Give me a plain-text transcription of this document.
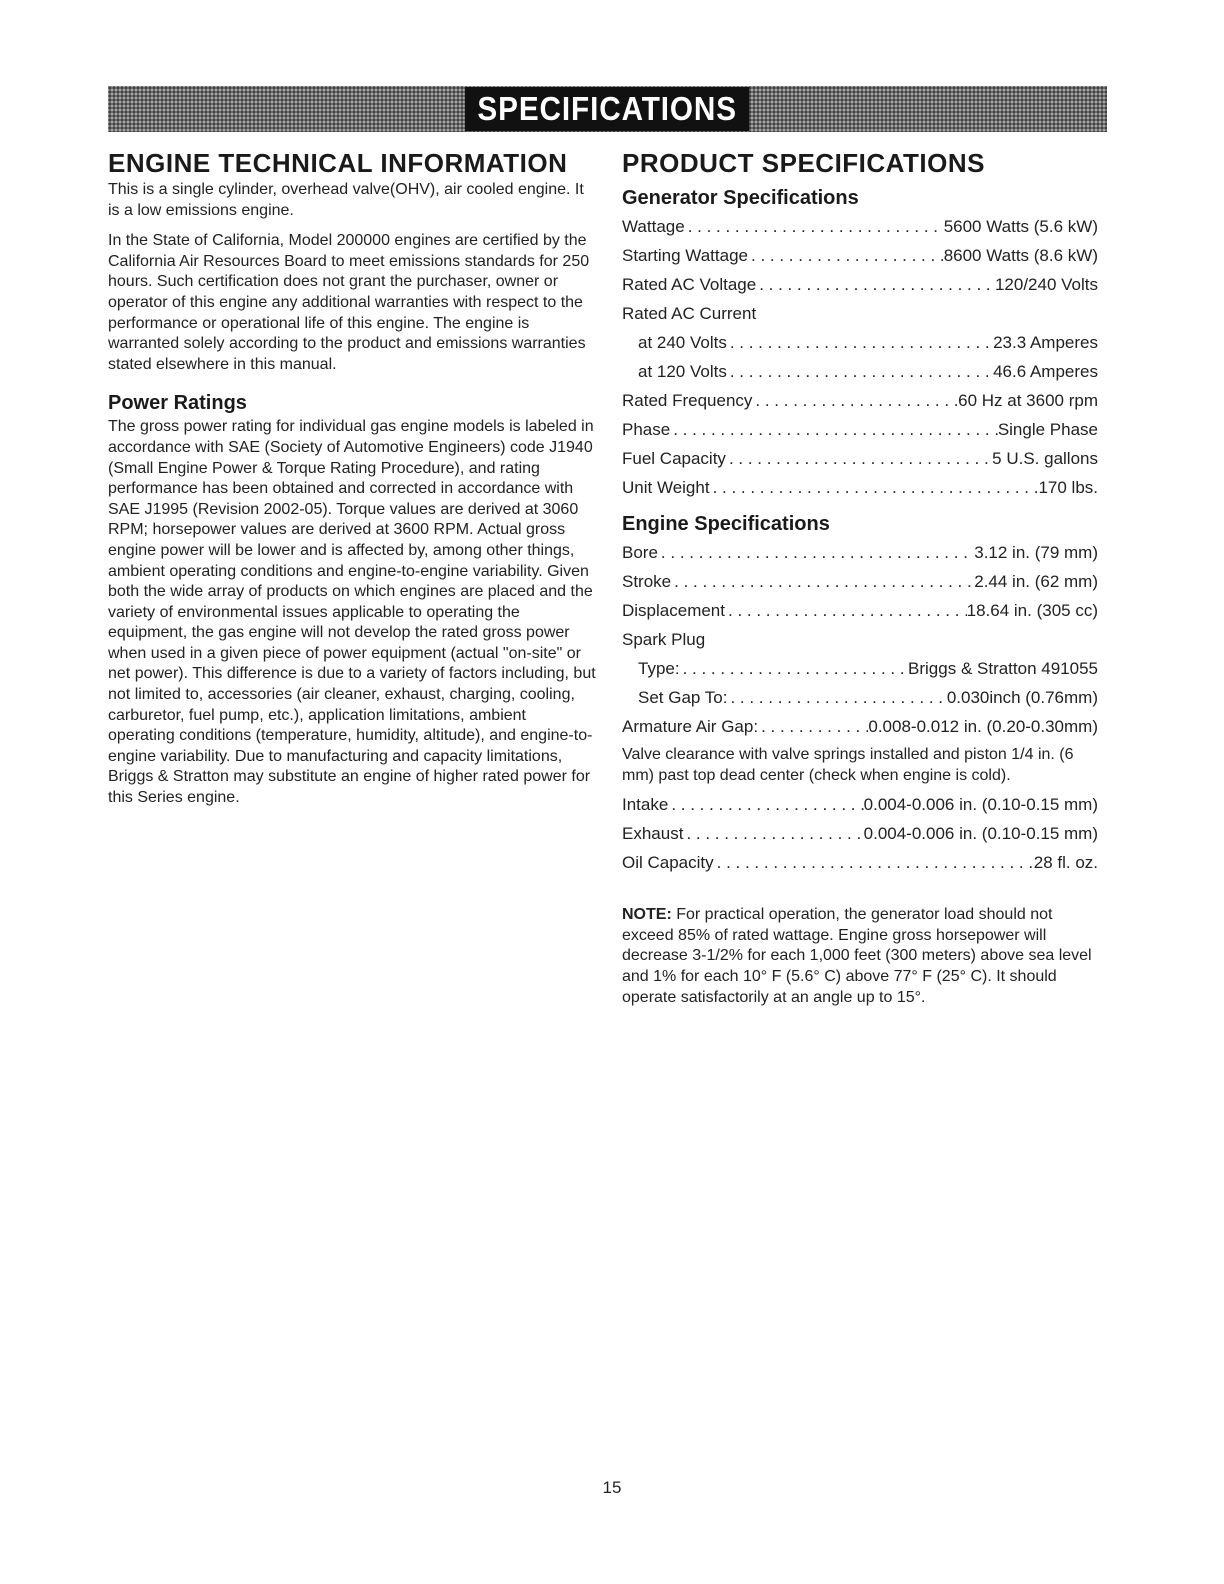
SPECIFICATIONS
ENGINE TECHNICAL INFORMATION

This is a single cylinder, overhead valve(OHV), air cooled engine. It is a low emissions engine.

In the State of California, Model 200000 engines are certified by the California Air Resources Board to meet emissions standards for 250 hours. Such certification does not grant the purchaser, owner or operator of this engine any additional warranties with respect to the performance or operational life of this engine. The engine is warranted solely according to the product and emissions warranties stated elsewhere in this manual.

Power Ratings

The gross power rating for individual gas engine models is labeled in accordance with SAE (Society of Automotive Engineers) code J1940 (Small Engine Power & Torque Rating Procedure), and rating performance has been obtained and corrected in accordance with SAE J1995 (Revision 2002-05). Torque values are derived at 3060 RPM; horsepower values are derived at 3600 RPM. Actual gross engine power will be lower and is affected by, among other things, ambient operating conditions and engine-to-engine variability. Given both the wide array of products on which engines are placed and the variety of environmental issues applicable to operating the equipment, the gas engine will not develop the rated gross power when used in a given piece of power equipment (actual "on-site" or net power). This difference is due to a variety of factors including, but not limited to, accessories (air cleaner, exhaust, charging, cooling, carburetor, fuel pump, etc.), application limitations, ambient operating conditions (temperature, humidity, altitude), and engine-to-engine variability. Due to manufacturing and capacity limitations, Briggs & Stratton may substitute an engine of higher rated power for this Series engine.

PRODUCT SPECIFICATIONS
Generator Specifications
Wattage . . .	5600 Watts (5.6 kW)
Starting Wattage . . .	8600 Watts (8.6 kW)
Rated AC Voltage . . .	120/240 Volts
Rated AC Current
at 240 Volts . . .	23.3 Amperes
at 120 Volts . . .	46.6 Amperes
Rated Frequency . . .	60 Hz at 3600 rpm
Phase . . .	Single Phase
Fuel Capacity . . .	5 U.S. gallons
Unit Weight . . .	170 lbs.
Engine Specifications
Bore . . .	3.12 in. (79 mm)
Stroke . . .	2.44 in. (62 mm)
Displacement . . .	18.64 in. (305 cc)
Spark Plug
Type: . . .	Briggs & Stratton 491055
Set Gap To: . . .	0.030inch (0.76mm)
Armature Air Gap: . . .	0.008-0.012 in. (0.20-0.30mm)
Valve clearance with valve springs installed and piston 1/4 in. (6 mm) past top dead center (check when engine is cold).
Intake . . .	0.004-0.006 in. (0.10-0.15 mm)
Exhaust . . .	0.004-0.006 in. (0.10-0.15 mm)
Oil Capacity . . .	28 fl. oz.

NOTE: For practical operation, the generator load should not exceed 85% of rated wattage. Engine gross horsepower will decrease 3-1/2% for each 1,000 feet (300 meters) above sea level and 1% for each 10° F (5.6° C) above 77° F (25° C). It should operate satisfactorily at an angle up to 15°.

15
